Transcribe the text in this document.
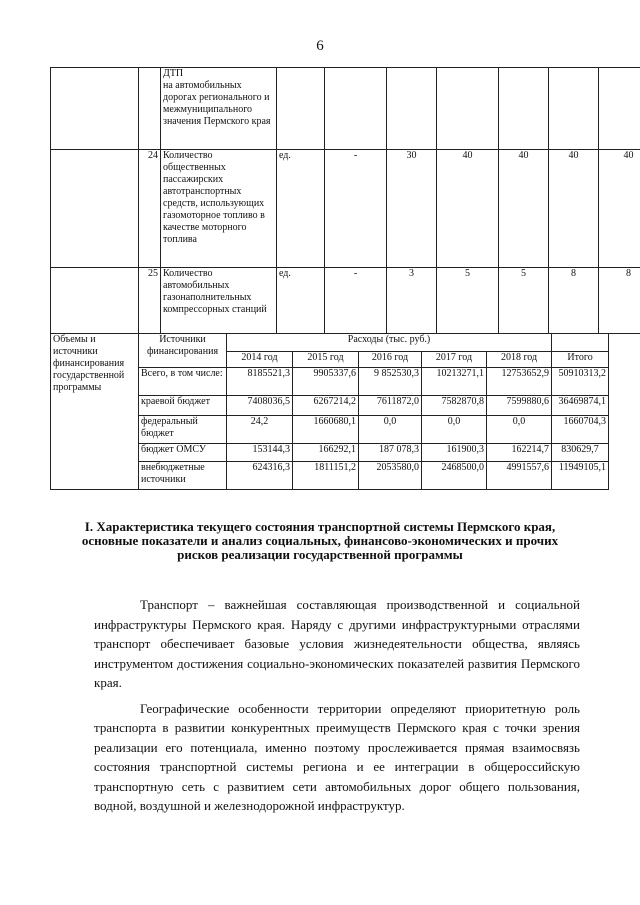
6
		ДТП
на автомобильных дорогах регионального и межмуниципального значения Пермского края							
	24	Количество общественных пассажирских автотранспортных средств, использующих газомоторное топливо в качестве моторного топлива	ед.	-	30	40	40	40	40
	25	Количество автомобильных газонаполнительных компрессорных станций	ед.	-	3	5	5	8	8
Объемы и источники финансирования государственной программы	Источники финансирования	Расходы (тыс. руб.)					
		2014 год	2015 год	2016 год	2017 год	2018 год	Итого
	Всего, в том числе:	8185521,3	9905337,6	9 852530,3	10213271,1	12753652,9	50910313,2
	краевой бюджет	7408036,5	6267214,2	7611872,0	7582870,8	7599880,6	36469874,1
	федеральный бюджет	24,2	1660680,1	0,0	0,0	0,0	1660704,3
	бюджет ОМСУ	153144,3	166292,1	187 078,3	161900,3	162214,7	830629,7
	внебюджетные источники	624316,3	1811151,2	2053580,0	2468500,0	4991557,6	11949105,1
I. Характеристика текущего состояния транспортной системы Пермского края, основные показатели и анализ социальных, финансово-экономических и прочих рисков реализации государственной программы

Транспорт – важнейшая составляющая производственной и социальной инфраструктуры Пермского края. Наряду с другими инфраструктурными отраслями транспорт обеспечивает базовые условия жизнедеятельности общества, являясь инструментом достижения социально-экономических показателей развития Пермского края.

Географические особенности территории определяют приоритетную роль транспорта в развитии конкурентных преимуществ Пермского края с точки зрения реализации его потенциала, именно поэтому прослеживается прямая взаимосвязь состояния транспортной системы региона и ее интеграции в общероссийскую транспортную сеть с развитием сети автомобильных дорог общего пользования, водной, воздушной и железнодорожной инфраструктур.
